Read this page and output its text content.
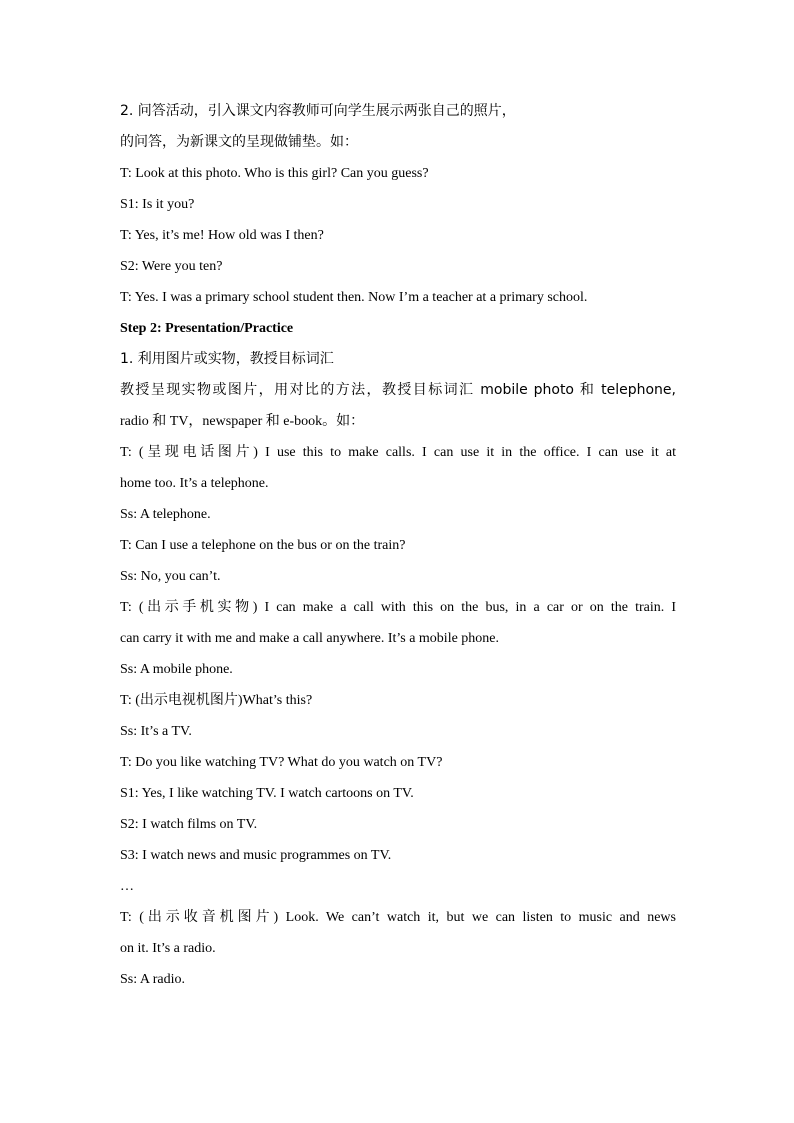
2. 问答活动，引入课文内容教师可向学生展示两张自己的照片，
的问答，为新课文的呈现做铺垫。如：
T: Look at this photo. Who is this girl? Can you guess?
S1: Is it you?
T: Yes, it’s me! How old was I then?
S2: Were you ten?
T: Yes. I was a primary school student then. Now I’m a teacher at a primary school.
Step 2: Presentation/Practice
1. 利用图片或实物，教授目标词汇
教授呈现实物或图片，用对比的方法，教授目标词汇 mobile photo 和 telephone,
radio 和 TV，newspaper 和 e-book。如：
T: (呈现电话图片) I use this to make calls. I can use it in the office. I can use it at
home too. It’s a telephone.
Ss: A telephone.
T: Can I use a telephone on the bus or on the train?
Ss: No, you can’t.
T: (出示手机实物) I can make a call with this on the bus, in a car or on the train. I
can carry it with me and make a call anywhere. It’s a mobile phone.
Ss: A mobile phone.
T: (出示电视机图片)What’s this?
Ss: It’s a TV.
T: Do you like watching TV? What do you watch on TV?
S1: Yes, I like watching TV. I watch cartoons on TV.
S2: I watch films on TV.
S3: I watch news and music programmes on TV.
…
T: (出示收音机图片) Look. We can’t watch it, but we can listen to music and news
on it. It’s a radio.
Ss: A radio.
